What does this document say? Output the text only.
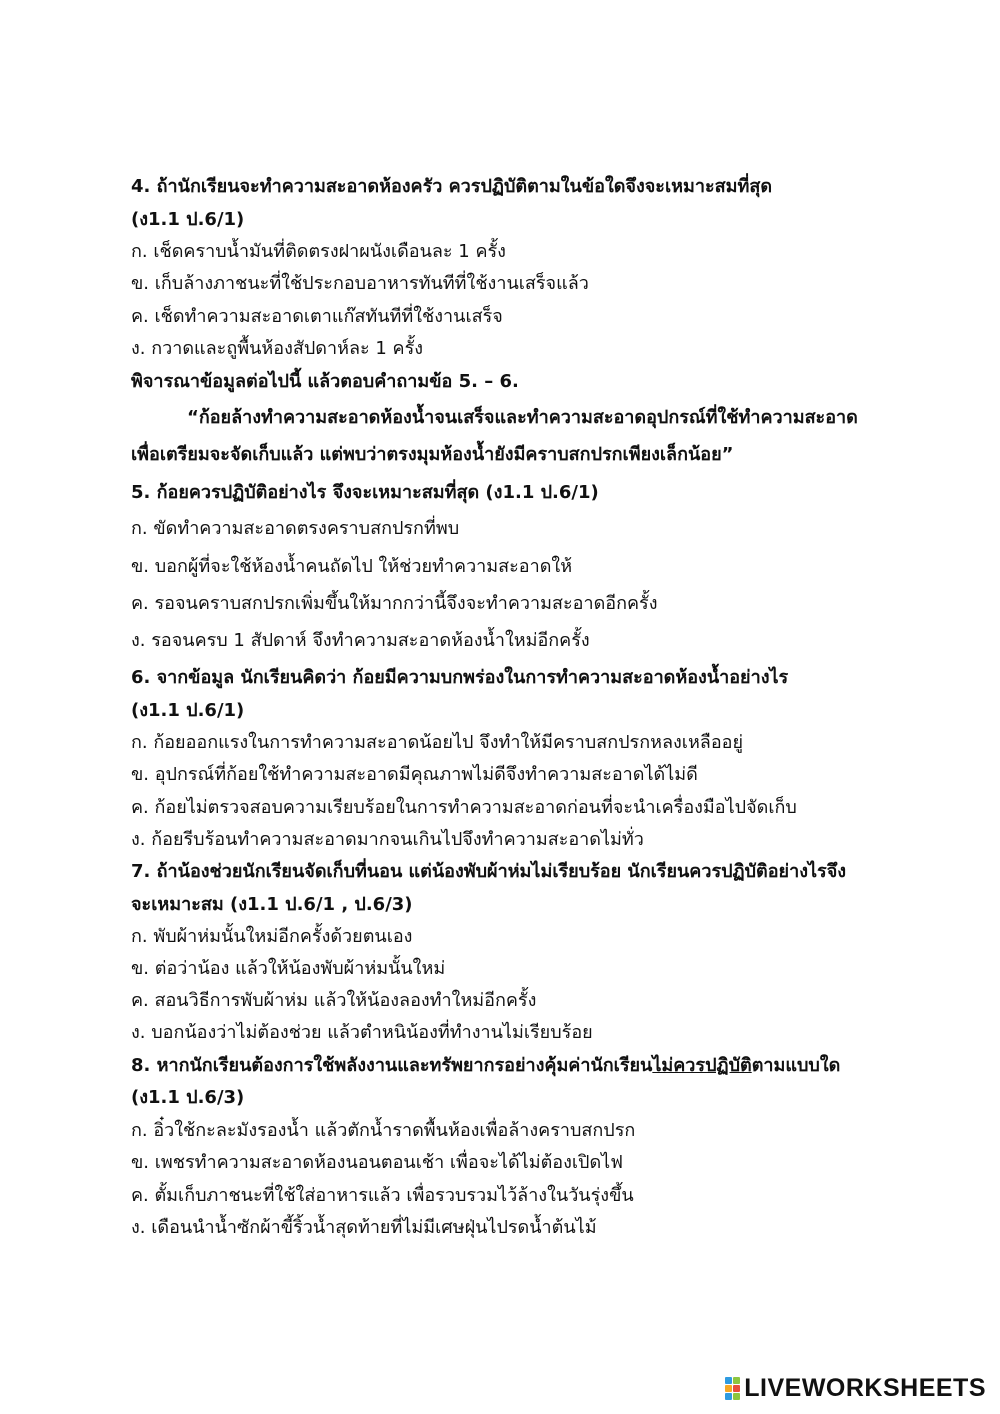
4. ถ้านักเรียนจะทำความสะอาดห้องครัว ควรปฏิบัติตามในข้อใดจึงจะเหมาะสมที่สุด
(ง1.1 ป.6/1)
ก. เช็ดคราบน้ำมันที่ติดตรงฝาผนังเดือนละ 1 ครั้ง
ข. เก็บล้างภาชนะที่ใช้ประกอบอาหารทันทีที่ใช้งานเสร็จแล้ว
ค. เช็ดทำความสะอาดเตาแก๊สทันทีที่ใช้งานเสร็จ
ง. กวาดและถูพื้นห้องสัปดาห์ละ 1 ครั้ง
พิจารณาข้อมูลต่อไปนี้ แล้วตอบคำถามข้อ 5. – 6.
“ก้อยล้างทำความสะอาดห้องน้ำจนเสร็จและทำความสะอาดอุปกรณ์ที่ใช้ทำความสะอาด
เพื่อเตรียมจะจัดเก็บแล้ว แต่พบว่าตรงมุมห้องน้ำยังมีคราบสกปรกเพียงเล็กน้อย”
5. ก้อยควรปฏิบัติอย่างไร จึงจะเหมาะสมที่สุด (ง1.1 ป.6/1)
ก. ขัดทำความสะอาดตรงคราบสกปรกที่พบ
ข. บอกผู้ที่จะใช้ห้องน้ำคนถัดไป ให้ช่วยทำความสะอาดให้
ค. รอจนคราบสกปรกเพิ่มขึ้นให้มากกว่านี้จึงจะทำความสะอาดอีกครั้ง
ง. รอจนครบ 1 สัปดาห์ จึงทำความสะอาดห้องน้ำใหม่อีกครั้ง
6. จากข้อมูล นักเรียนคิดว่า ก้อยมีความบกพร่องในการทำความสะอาดห้องน้ำอย่างไร
(ง1.1 ป.6/1)
ก. ก้อยออกแรงในการทำความสะอาดน้อยไป จึงทำให้มีคราบสกปรกหลงเหลืออยู่
ข. อุปกรณ์ที่ก้อยใช้ทำความสะอาดมีคุณภาพไม่ดีจึงทำความสะอาดได้ไม่ดี
ค. ก้อยไม่ตรวจสอบความเรียบร้อยในการทำความสะอาดก่อนที่จะนำเครื่องมือไปจัดเก็บ
ง. ก้อยรีบร้อนทำความสะอาดมากจนเกินไปจึงทำความสะอาดไม่ทั่ว
7. ถ้าน้องช่วยนักเรียนจัดเก็บที่นอน แต่น้องพับผ้าห่มไม่เรียบร้อย นักเรียนควรปฏิบัติอย่างไรจึง
จะเหมาะสม (ง1.1 ป.6/1 , ป.6/3)
ก. พับผ้าห่มนั้นใหม่อีกครั้งด้วยตนเอง
ข. ต่อว่าน้อง แล้วให้น้องพับผ้าห่มนั้นใหม่
ค. สอนวิธีการพับผ้าห่ม แล้วให้น้องลองทำใหม่อีกครั้ง
ง. บอกน้องว่าไม่ต้องช่วย แล้วตำหนิน้องที่ทำงานไม่เรียบร้อย
8. หากนักเรียนต้องการใช้พลังงานและทรัพยากรอย่างคุ้มค่านักเรียนไม่ควรปฏิบัติตามแบบใด
(ง1.1 ป.6/3)
ก. อิ๋วใช้กะละมังรองน้ำ แล้วตักน้ำราดพื้นห้องเพื่อล้างคราบสกปรก
ข. เพชรทำความสะอาดห้องนอนตอนเช้า เพื่อจะได้ไม่ต้องเปิดไฟ
ค. ตั้มเก็บภาชนะที่ใช้ใส่อาหารแล้ว เพื่อรวบรวมไว้ล้างในวันรุ่งขึ้น
ง. เดือนนำน้ำซักผ้าขี้ริ้วน้ำสุดท้ายที่ไม่มีเศษฝุ่นไปรดน้ำต้นไม้
LIVEWORKSHEETS
